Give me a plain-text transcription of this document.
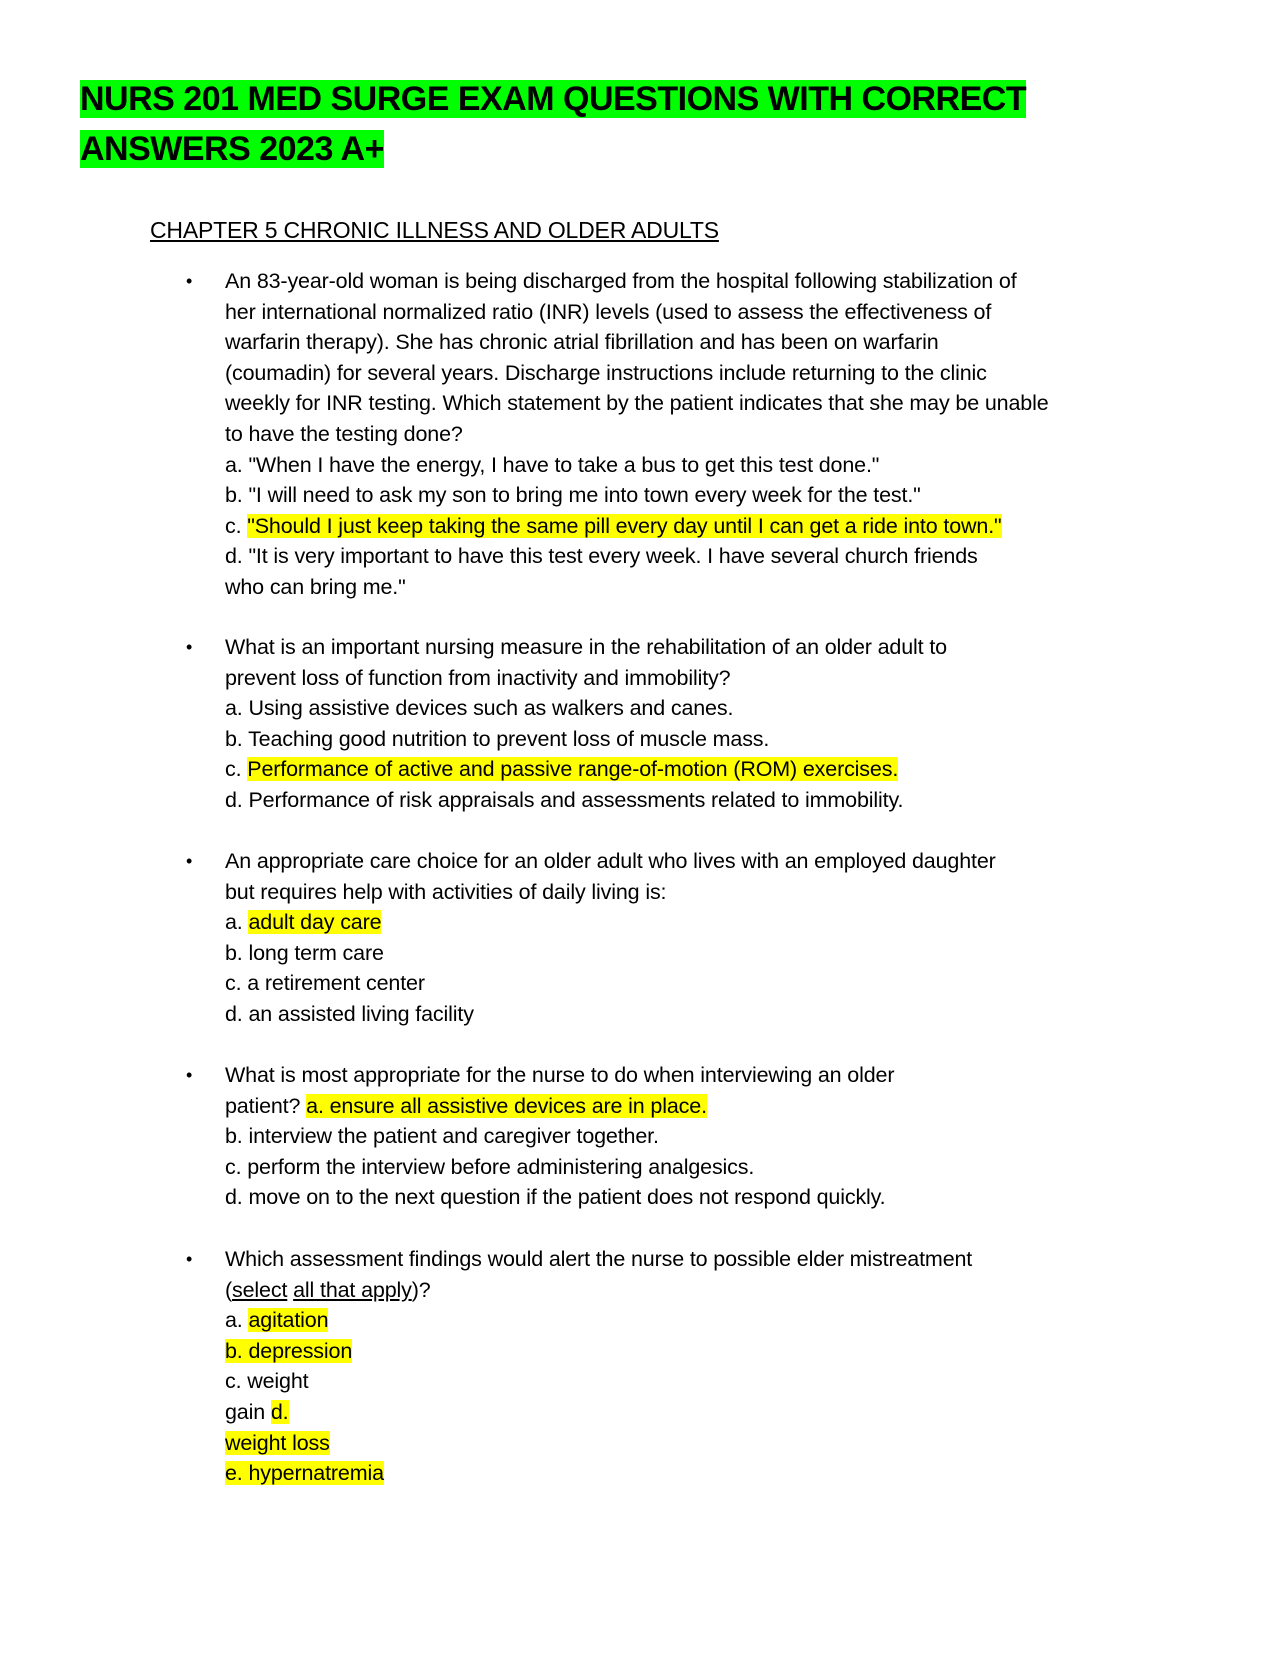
NURS 201 MED SURGE EXAM QUESTIONS WITH CORRECT
ANSWERS 2023 A+
CHAPTER 5 CHRONIC ILLNESS AND OLDER ADULTS
•	An 83-year-old woman is being discharged from the hospital following stabilization of
her international normalized ratio (INR) levels (used to assess the effectiveness of
warfarin therapy). She has chronic atrial fibrillation and has been on warfarin
(coumadin) for several years. Discharge instructions include returning to the clinic
weekly for INR testing. Which statement by the patient indicates that she may be unable
to have the testing done?
a. "When I have the energy, I have to take a bus to get this test done."
b. "I will need to ask my son to bring me into town every week for the test."
c. "Should I just keep taking the same pill every day until I can get a ride into town."
d. "It is very important to have this test every week. I have several church friends
who can bring me."
•	What is an important nursing measure in the rehabilitation of an older adult to
prevent loss of function from inactivity and immobility?
a. Using assistive devices such as walkers and canes.
b. Teaching good nutrition to prevent loss of muscle mass.
c. Performance of active and passive range-of-motion (ROM) exercises.
d. Performance of risk appraisals and assessments related to immobility.
•	An appropriate care choice for an older adult who lives with an employed daughter
but requires help with activities of daily living is:
a. adult day care
b. long term care
c. a retirement center
d. an assisted living facility
•	What is most appropriate for the nurse to do when interviewing an older
patient? a. ensure all assistive devices are in place.
b. interview the patient and caregiver together.
c. perform the interview before administering analgesics.
d. move on to the next question if the patient does not respond quickly.
•	Which assessment findings would alert the nurse to possible elder mistreatment
(select all that apply)?
a. agitation
b. depression
c. weight
gain d.
weight loss
e. hypernatremia
